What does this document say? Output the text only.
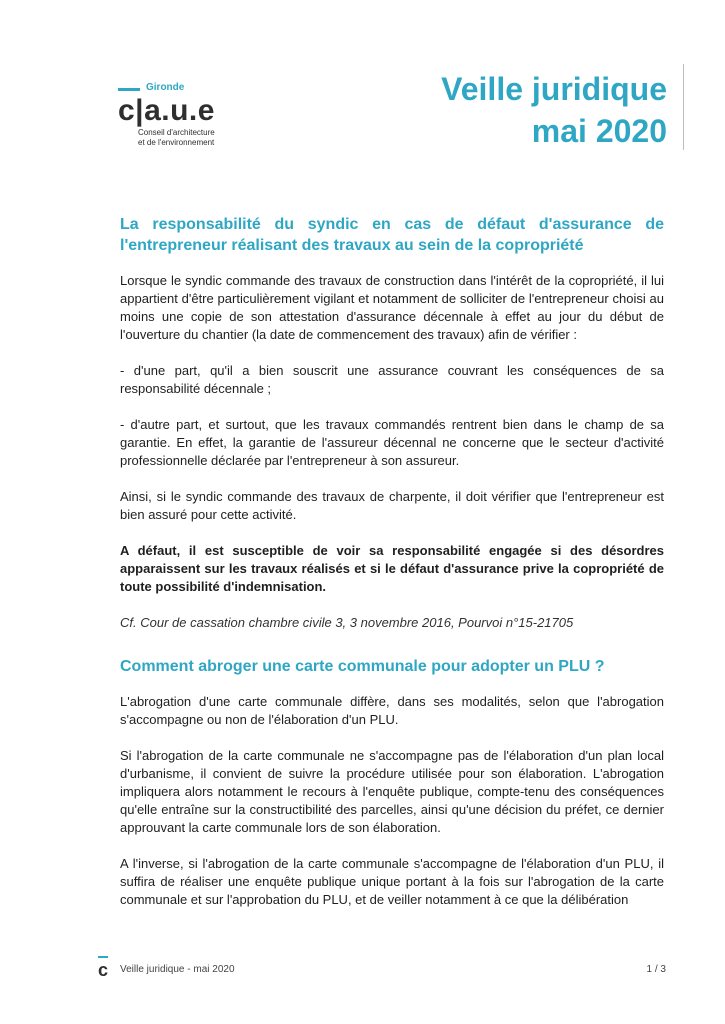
Gironde
c|a.u.e
Conseil d'architecture
et de l'environnement
Veille juridique
mai 2020
La responsabilité du syndic en cas de défaut d'assurance de l'entrepreneur réalisant des travaux au sein de la copropriété

Lorsque le syndic commande des travaux de construction dans l'intérêt de la copropriété, il lui appartient d'être particulièrement vigilant et notamment de solliciter de l'entrepreneur choisi au moins une copie de son attestation d'assurance décennale à effet au jour du début de l'ouverture du chantier (la date de commencement des travaux) afin de vérifier :

- d'une part, qu'il a bien souscrit une assurance couvrant les conséquences de sa responsabilité décennale ;

- d'autre part, et surtout, que les travaux commandés rentrent bien dans le champ de sa garantie. En effet, la garantie de l'assureur décennal ne concerne que le secteur d'activité professionnelle déclarée par l'entrepreneur à son assureur.

Ainsi, si le syndic commande des travaux de charpente, il doit vérifier que l'entrepreneur est bien assuré pour cette activité.

A défaut, il est susceptible de voir sa responsabilité engagée si des désordres apparaissent sur les travaux réalisés et si le défaut d'assurance prive la copropriété de toute possibilité d'indemnisation.

Cf. Cour de cassation chambre civile 3, 3 novembre 2016, Pourvoi n°15-21705

Comment abroger une carte communale pour adopter un PLU ?

L'abrogation d'une carte communale diffère, dans ses modalités, selon que l'abrogation s'accompagne ou non de l'élaboration d'un PLU.

Si l'abrogation de la carte communale ne s'accompagne pas de l'élaboration d'un plan local d'urbanisme, il convient de suivre la procédure utilisée pour son élaboration. L'abrogation impliquera alors notamment le recours à l'enquête publique, compte-tenu des conséquences qu'elle entraîne sur la constructibilité des parcelles, ainsi qu'une décision du préfet, ce dernier approuvant la carte communale lors de son élaboration.

A l'inverse, si l'abrogation de la carte communale s'accompagne de l'élaboration d'un PLU, il suffira de réaliser une enquête publique unique portant à la fois sur l'abrogation de la carte communale et sur l'approbation du PLU, et de veiller notamment à ce que la délibération

c Veille juridique - mai 2020	1 / 3
